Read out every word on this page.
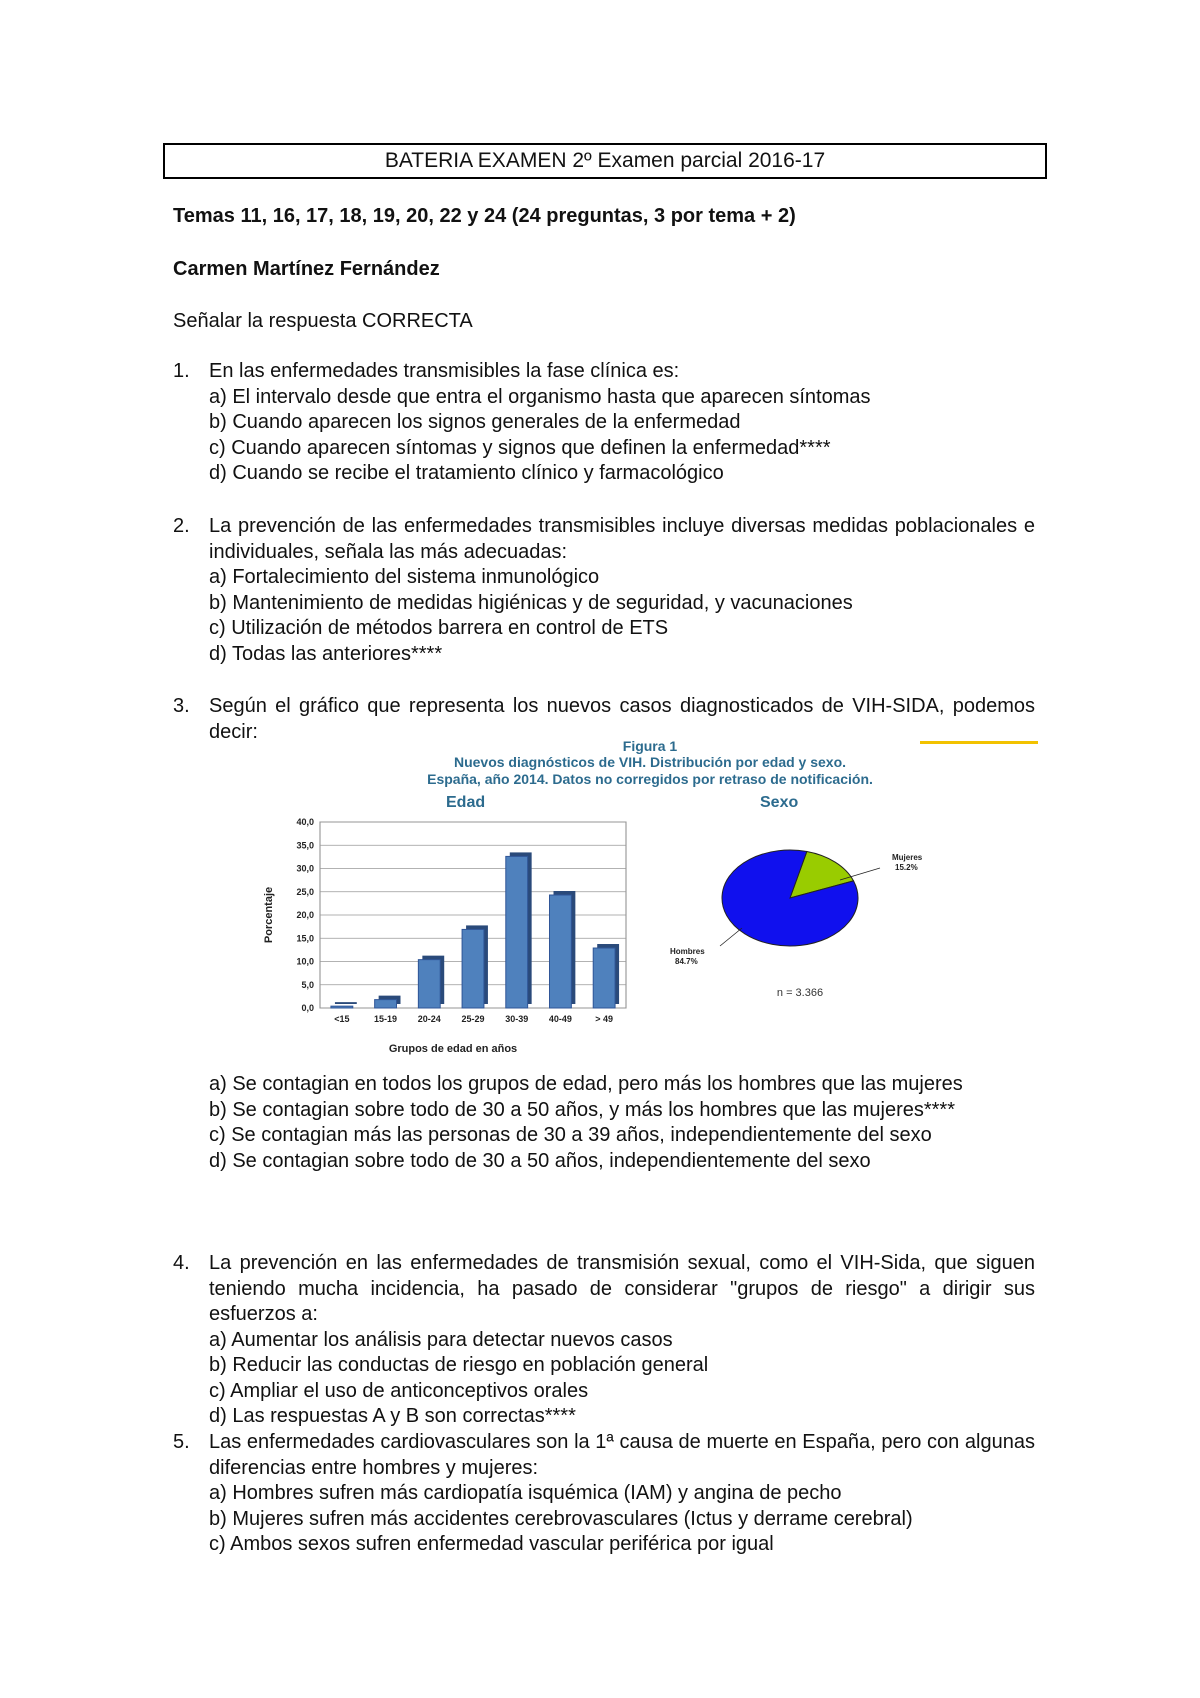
BATERIA EXAMEN 2º Examen parcial 2016-17
Temas 11, 16, 17, 18, 19, 20, 22 y 24 (24 preguntas, 3 por tema + 2)
Carmen Martínez Fernández
Señalar la respuesta CORRECTA
1. En las enfermedades transmisibles la fase clínica es:
a) El intervalo desde que entra el organismo hasta que aparecen síntomas
b) Cuando aparecen los signos generales de la enfermedad
c) Cuando aparecen síntomas y signos que definen la enfermedad****
d) Cuando se recibe el tratamiento clínico y farmacológico
2. La prevención de las enfermedades transmisibles incluye diversas medidas poblacionales e individuales, señala las más adecuadas:
a) Fortalecimiento del sistema inmunológico
b) Mantenimiento de medidas higiénicas y de seguridad, y vacunaciones
c) Utilización de métodos barrera en control de ETS
d) Todas las anteriores****
3. Según el gráfico que representa los nuevos casos diagnosticados de VIH-SIDA, podemos decir:
Figura 1
Nuevos diagnósticos de VIH. Distribución por edad y sexo.
España, año 2014. Datos no corregidos por retraso de notificación.
Edad	Sexo
0,0
5,0
10,0
15,0
20,0
25,0
30,0
35,0
40,0
<15	15-19 20-24 25-29 30-39 40-49	> 49
Grupos de edad en años
Porcentaje
Mujeres
15.2%
Hombres
84.7%
n = 3.366
a) Se contagian en todos los grupos de edad, pero más los hombres que las mujeres
b) Se contagian sobre todo de 30 a 50 años, y más los hombres que las mujeres****
c) Se contagian más las personas de 30 a 39 años, independientemente del sexo
d) Se contagian sobre todo de 30 a 50 años, independientemente del sexo
4. La prevención en las enfermedades de transmisión sexual, como el VIH-Sida, que siguen teniendo mucha incidencia, ha pasado de considerar "grupos de riesgo" a dirigir sus esfuerzos a:
a) Aumentar los análisis para detectar nuevos casos
b) Reducir las conductas de riesgo en población general
c) Ampliar el uso de anticonceptivos orales
d) Las respuestas A y B son correctas****
5. Las enfermedades cardiovasculares son la 1ª causa de muerte en España, pero con algunas diferencias entre hombres y mujeres:
a) Hombres sufren más cardiopatía isquémica (IAM) y angina de pecho
b) Mujeres sufren más accidentes cerebrovasculares (Ictus y derrame cerebral)
c) Ambos sexos sufren enfermedad vascular periférica por igual
